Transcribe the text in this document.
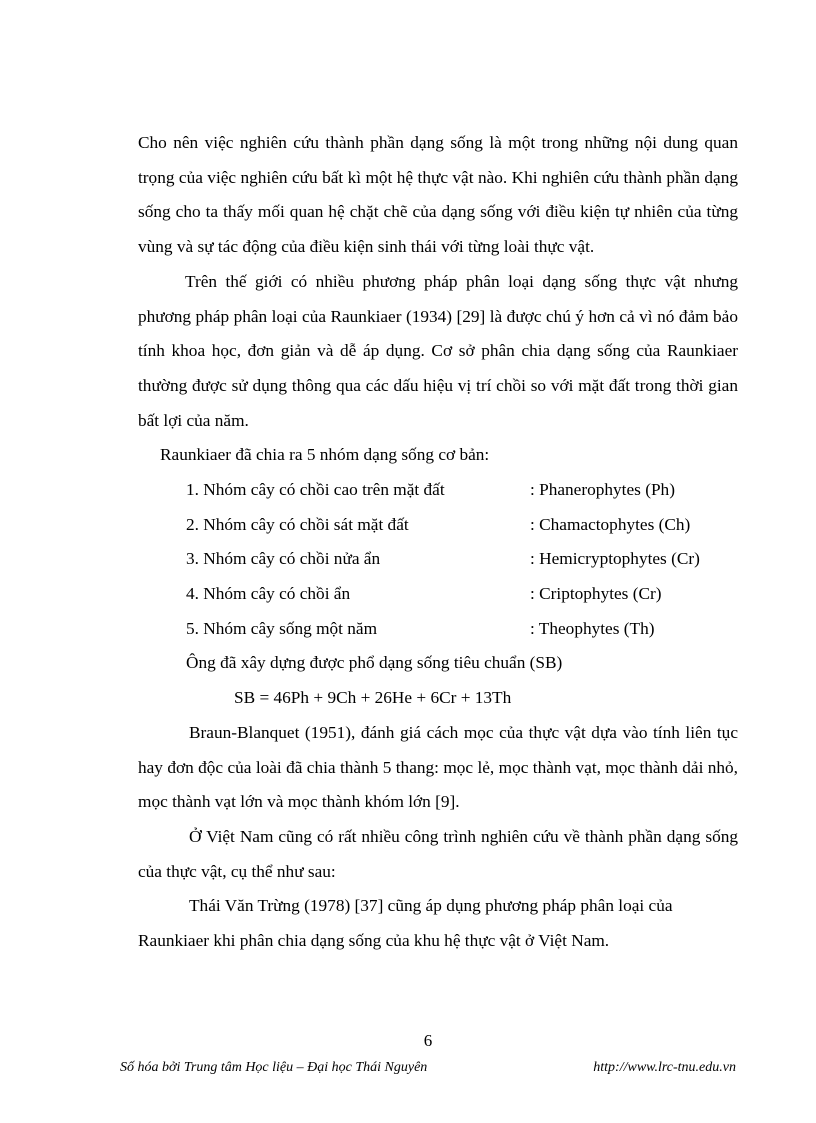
Cho nên việc nghiên cứu thành phần dạng sống là một trong những nội dung quan trọng của việc nghiên cứu bất kì một hệ thực vật nào. Khi nghiên cứu thành phần dạng sống cho ta thấy mối quan hệ chặt chẽ của dạng sống với điều kiện tự nhiên của từng vùng và sự tác động của điều kiện sinh thái với từng loài thực vật.

Trên thế giới có nhiều phương pháp phân loại dạng sống thực vật nhưng phương pháp phân loại của Raunkiaer (1934) [29] là được chú ý hơn cả vì nó đảm bảo tính khoa học, đơn giản và dễ áp dụng. Cơ sở phân chia dạng sống của Raunkiaer thường được sử dụng thông qua các dấu hiệu vị trí chồi so với mặt đất trong thời gian bất lợi của năm.

Raunkiaer đã chia ra 5 nhóm dạng sống cơ bản:

1. Nhóm cây có chồi cao trên mặt đất	: Phanerophytes (Ph)
2. Nhóm cây có chồi sát mặt đất	: Chamactophytes (Ch)
3. Nhóm cây có chồi nửa ẩn	: Hemicryptophytes (Cr)
4. Nhóm cây có chồi ẩn	: Criptophytes (Cr)
5. Nhóm cây sống một năm	: Theophytes (Th)

Ông đã xây dựng được phổ dạng sống tiêu chuẩn (SB)

SB = 46Ph + 9Ch + 26He + 6Cr + 13Th

Braun-Blanquet (1951), đánh giá cách mọc của thực vật dựa vào tính liên tục hay đơn độc của loài đã chia thành 5 thang: mọc lẻ, mọc thành vạt, mọc thành dải nhỏ, mọc thành vạt lớn và mọc thành khóm lớn [9].

Ở Việt Nam cũng có rất nhiều công trình nghiên cứu về thành phần dạng sống của thực vật, cụ thể như sau:

Thái Văn Trừng (1978) [37] cũng áp dụng phương pháp phân loại của Raunkiaer khi phân chia dạng sống của khu hệ thực vật ở Việt Nam.

6
Số hóa bởi Trung tâm Học liệu – Đại học Thái Nguyên	http://www.lrc-tnu.edu.vn
